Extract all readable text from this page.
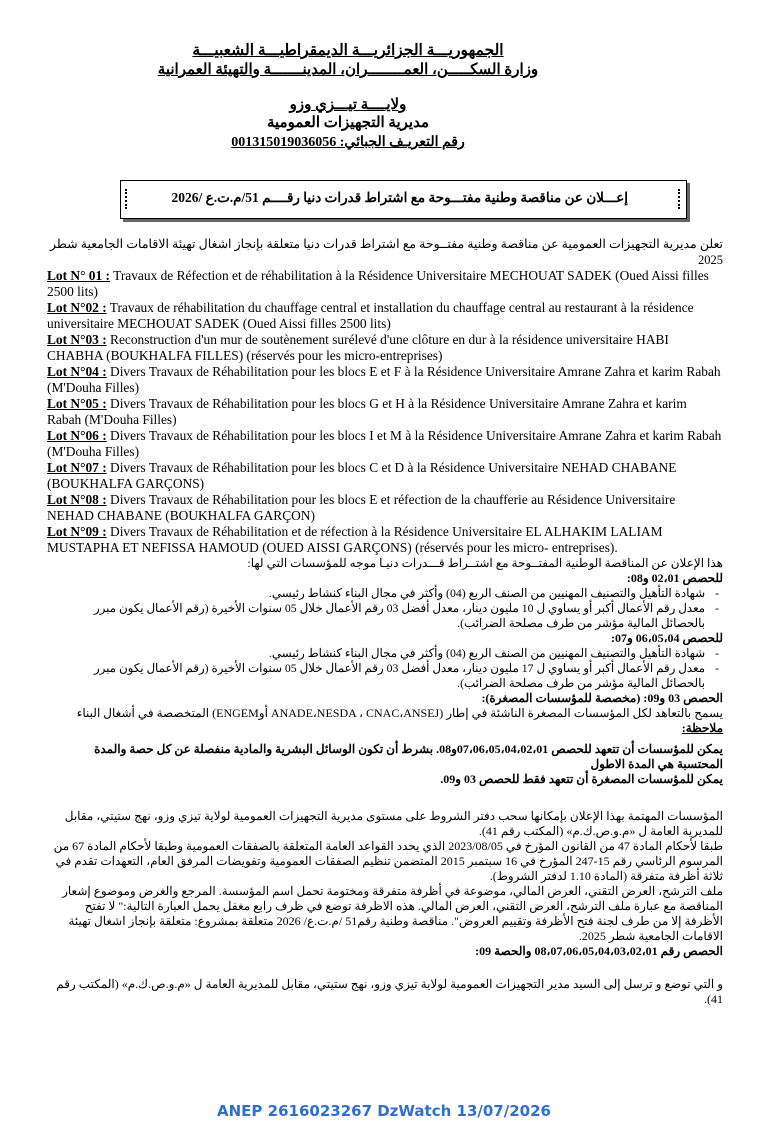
الجمهوريـــة الجزائريـــة الديمقراطيـــة الشعبيـــة
وزارة السكـــــن، العمــــــــران، المدينـــــــة والتهيئة العمرانية
ولايــــة تيـــزي وزو
مديرية التجهيزات العمومية
رقم التعريـف الجبائي: 001315019036056
إعـــلان عن مناقصة وطنية مفتـــوحة مع اشتراط قدرات دنيا رقــــم 51/م.ت.ع /2026
تعلن مديرية التجهيزات العمومية عن مناقصة وطنية مفتــوحة مع اشتراط قدرات دنيا متعلقة بإنجاز اشغال تهيئة الاقامات الجامعية شطر 2025
Lot N° 01 : Travaux de Réfection et de réhabilitation à la Résidence Universitaire MECHOUAT SADEK (Oued Aissi filles 2500 lits)
Lot N°02 : Travaux de réhabilitation du chauffage central et installation du chauffage central au restaurant à la résidence universitaire MECHOUAT SADEK (Oued Aissi filles 2500 lits)
Lot N°03 : Reconstruction d'un mur de soutènement surélevé d'une clôture en dur à la résidence universitaire HABI CHABHA (BOUKHALFA FILLES) (réservés pour les micro-entreprises)
Lot N°04 : Divers Travaux de Réhabilitation pour les blocs E et F à la Résidence Universitaire Amrane Zahra et karim Rabah (M'Douha Filles)
Lot N°05 : Divers Travaux de Réhabilitation pour les blocs G et H à la Résidence Universitaire Amrane Zahra et karim Rabah (M'Douha Filles)
Lot N°06 : Divers Travaux de Réhabilitation pour les blocs I et M à la Résidence Universitaire Amrane Zahra et karim Rabah (M'Douha Filles)
Lot N°07 : Divers Travaux de Réhabilitation pour les blocs C et D à la Résidence Universitaire NEHAD CHABANE (BOUKHALFA GARÇONS)
Lot N°08 : Divers Travaux de Réhabilitation pour les blocs E et réfection de la chaufferie au Résidence Universitaire NEHAD CHABANE (BOUKHALFA GARÇON)
Lot N°09 : Divers Travaux de Réhabilitation et de réfection à la Résidence Universitaire EL ALHAKIM LALIAM MUSTAPHA ET NEFISSA HAMOUD (OUED AISSI GARÇONS) (réservés pour les micro- entreprises).
هذا الإعلان عن المناقصة الوطنية المفتــوحة مع اشتــراط قـــدرات دنيـا موجه للمؤسسات التي لها:
للحصص 02،01 و08:
- شهادة التأهيل والتصنيف المهنيين من الصنف الربع (04) وأكثر في مجال البناء كنشاط رئيسي.
- معدل رقم الأعمال أكبر أو يساوي ل 10 مليون دينار، معدل أفضل 03 رقم الأعمال خلال 05 سنوات الأخيرة (رقم الأعمال يكون مبرر بالحصائل المالية مؤشر من طرف مصلحة الضرائب).
للحصص 06،05،04 و07:
- شهادة التأهيل والتصنيف المهنيين من الصنف الربع (04) وأكثر في مجال البناء كنشاط رئيسي.
- معدل رقم الأعمال أكبر أو يساوي ل 17 مليون دينار، معدل أفضل 03 رقم الأعمال خلال 05 سنوات الأخيرة (رقم الأعمال يكون مبرر بالحصائل المالية مؤشر من طرف مصلحة الضرائب).
الحصص 03 و09: (مخصصة للمؤسسات المصغرة):
يسمح بالتعاهد لكل المؤسسات المصغرة الناشئة في إطار (ANADE،NESDA ، CNAC،ANSEJ أوENGEM) المتخصصة في أشغال البناء
ملاحظة:
يمكن للمؤسسات أن تتعهد للحصص 07،06،05،04،02،01و08. بشرط أن تكون الوسائل البشرية والمادية منفصلة عن كل حصة والمدة المحتسبة هي المدة الاطول
يمكن للمؤسسات المصغرة أن تتعهد فقط للحصص 03 و09.
المؤسسات المهتمة بهذا الإعلان بإمكانها سحب دفتر الشروط على مستوى مديرية التجهيزات العمومية لولاية تيزي وزو، نهج ستيتي، مقابل للمديرية العامة ل «م.و.ص.ك.م» (المكتب رقم 41).
طبقا لأحكام المادة 47 من القانون المؤرخ في 2023/08/05 الذي يحدد القواعد العامة المتعلقة بالصفقات العمومية وطبقا لأحكام المادة 67 من المرسوم الرئاسي رقم 15-247 المؤرخ في 16 سبتمبر 2015 المتضمن تنظيم الصفقات العمومية وتفويضات المرفق العام، التعهدات تقدم في ثلاثة أظرفة متفرقة (المادة 1.10 لدفتر الشروط).
ملف الترشح، العرض التقني، العرض المالي، موضوعة في أظرفة متفرقة ومختومة تحمل اسم المؤسسة. المرجع والغرض وموضوع إشعار المناقصة مع عبارة ملف الترشح، العرض التقني، العرض المالي. هذه الاظرفة توضع في ظرف رابع مغفل يحمل العبارة التالية:" لا تفتح الأظرفة إلا من طرف لجنة فتح الأظرفة وتقييم العروض". مناقصة وطنية رقم51 /م.ت.ع/ 2026 متعلقة بمشروع: متعلقة بإنجاز اشغال تهيئة الاقامات الجامعية شطر 2025.
الحصص رقم 08،07،06،05،04،03،02،01 والحصة 09:
و التي توضع و ترسل إلى السيد مدير التجهيزات العمومية لولاية تيزي وزو، نهج ستيتي، مقابل للمديرية العامة ل «م.و.ص.ك.م» (المكتب رقم 41).
ANEP 2616023267 DzWatch 13/07/2026
